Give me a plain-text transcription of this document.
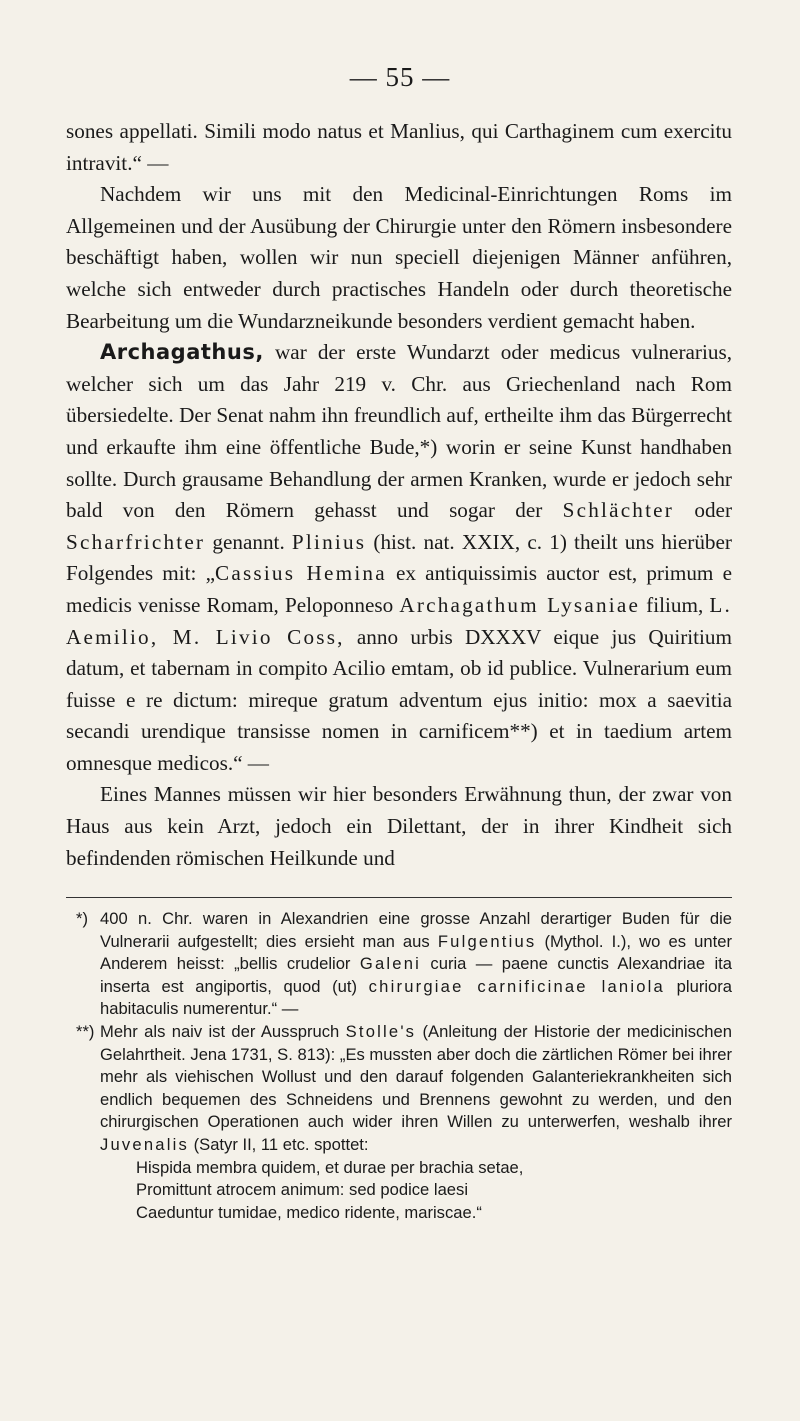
— 55 —

sones appellati. Simili modo natus et Manlius, qui Carthaginem cum exercitu intravit.“ —

Nachdem wir uns mit den Medicinal-Einrichtungen Roms im Allgemeinen und der Ausübung der Chirurgie unter den Römern insbesondere beschäftigt haben, wollen wir nun speciell diejenigen Männer anführen, welche sich entweder durch practisches Handeln oder durch theoretische Bearbeitung um die Wundarzneikunde besonders verdient gemacht haben.

Archagathus, war der erste Wundarzt oder medicus vulnerarius, welcher sich um das Jahr 219 v. Chr. aus Griechenland nach Rom übersiedelte. Der Senat nahm ihn freundlich auf, ertheilte ihm das Bürgerrecht und erkaufte ihm eine öffentliche Bude,*) worin er seine Kunst handhaben sollte. Durch grausame Behandlung der armen Kranken, wurde er jedoch sehr bald von den Römern gehasst und sogar der Schlächter oder Scharfrichter genannt. Plinius (hist. nat. XXIX, c. 1) theilt uns hierüber Folgendes mit: „Cassius Hemina ex antiquissimis auctor est, primum e medicis venisse Romam, Peloponneso Archagathum Lysaniae filium, L. Aemilio, M. Livio Coss, anno urbis DXXXV eique jus Quiritium datum, et tabernam in compito Acilio emtam, ob id publice. Vulnerarium eum fuisse e re dictum: mireque gratum adventum ejus initio: mox a saevitia secandi urendique transisse nomen in carnificem**) et in taedium artem omnesque medicos.“ —

Eines Mannes müssen wir hier besonders Erwähnung thun, der zwar von Haus aus kein Arzt, jedoch ein Dilettant, der in ihrer Kindheit sich befindenden römischen Heilkunde und

*) 400 n. Chr. waren in Alexandrien eine grosse Anzahl derartiger Buden für die Vulnerarii aufgestellt; dies ersieht man aus Fulgentius (Mythol. I.), wo es unter Anderem heisst: „bellis crudelior Galeni curia — paene cunctis Alexandriae ita inserta est angiportis, quod (ut) chirurgiae carnificinae laniola pluriora habitaculis numerentur.“ —

**) Mehr als naiv ist der Ausspruch Stolle's (Anleitung der Historie der medicinischen Gelahrtheit. Jena 1731, S. 813): „Es mussten aber doch die zärtlichen Römer bei ihrer mehr als viehischen Wollust und den darauf folgenden Galanteriekrankheiten sich endlich bequemen des Schneidens und Brennens gewohnt zu werden, und den chirurgischen Operationen auch wider ihren Willen zu unterwerfen, weshalb ihrer Juvenalis (Satyr II, 11 etc. spottet:

Hispida membra quidem, et durae per brachia setae,
Promittunt atrocem animum: sed podice laesi
Caeduntur tumidae, medico ridente, mariscae.“
